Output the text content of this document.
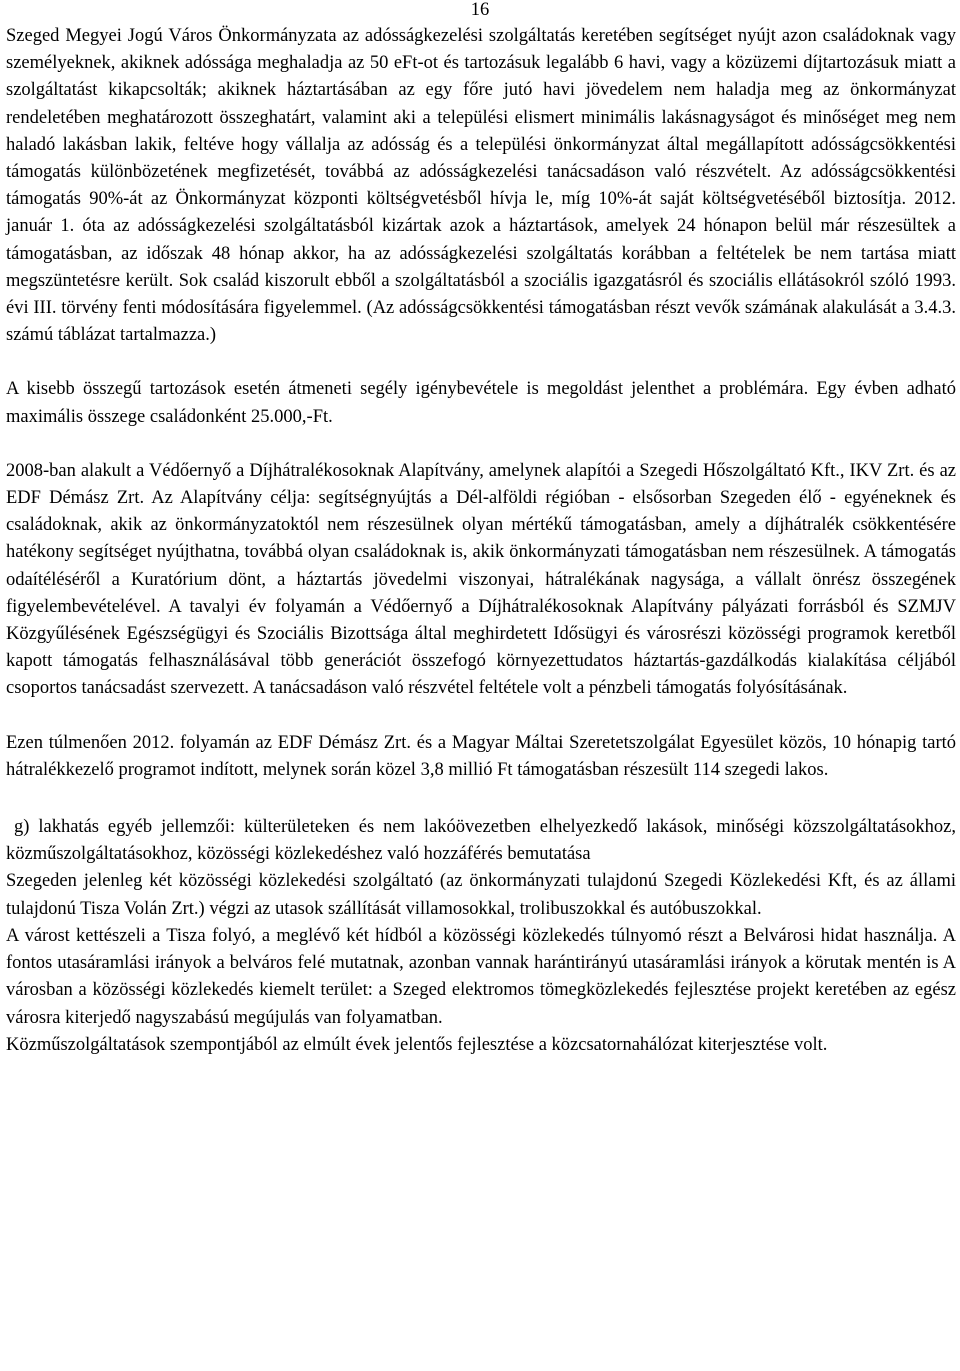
16

Szeged Megyei Jogú Város Önkormányzata az adósságkezelési szolgáltatás keretében segítséget nyújt azon családoknak vagy személyeknek, akiknek adóssága meghaladja az 50 eFt-ot és tartozásuk legalább 6 havi, vagy a közüzemi díjtartozásuk miatt a szolgáltatást kikapcsolták; akiknek háztartásában az egy főre jutó havi jövedelem nem haladja meg az önkormányzat rendeletében meghatározott összeghatárt, valamint aki a települési elismert minimális lakásnagyságot és minőséget meg nem haladó lakásban lakik, feltéve hogy vállalja az adósság és a települési önkormányzat által megállapított adósságcsökkentési támogatás különbözetének megfizetését, továbbá az adósságkezelési tanácsadáson való részvételt. Az adósságcsökkentési támogatás 90%-át az Önkormányzat központi költségvetésből hívja le, míg 10%-át saját költségvetéséből biztosítja. 2012. január 1. óta az adósságkezelési szolgáltatásból kizártak azok a háztartások, amelyek 24 hónapon belül már részesültek a támogatásban, az időszak 48 hónap akkor, ha az adósságkezelési szolgáltatás korábban a feltételek be nem tartása miatt megszüntetésre került. Sok család kiszorult ebből a szolgáltatásból a szociális igazgatásról és szociális ellátásokról szóló 1993. évi III. törvény fenti módosítására figyelemmel. (Az adósságcsökkentési támogatásban részt vevők számának alakulását a 3.4.3. számú táblázat tartalmazza.)

A kisebb összegű tartozások esetén átmeneti segély igénybevétele is megoldást jelenthet a problémára. Egy évben adható maximális összege családonként 25.000,-Ft.

2008-ban alakult a Védőernyő a Díjhátralékosoknak Alapítvány, amelynek alapítói a Szegedi Hőszolgáltató Kft., IKV Zrt. és az EDF Démász Zrt. Az Alapítvány célja: segítségnyújtás a Dél-alföldi régióban - elsősorban Szegeden élő - egyéneknek és családoknak, akik az önkormányzatoktól nem részesülnek olyan mértékű támogatásban, amely a díjhátralék csökkentésére hatékony segítséget nyújthatna, továbbá olyan családoknak is, akik önkormányzati támogatásban nem részesülnek. A támogatás odaítéléséről a Kuratórium dönt, a háztartás jövedelmi viszonyai, hátralékának nagysága, a vállalt önrész összegének figyelembevételével. A tavalyi év folyamán a Védőernyő a Díjhátralékosoknak Alapítvány pályázati forrásból és SZMJV Közgyűlésének Egészségügyi és Szociális Bizottsága által meghirdetett Idősügyi és városrészi közösségi programok keretből kapott támogatás felhasználásával több generációt összefogó környezettudatos háztartás-gazdálkodás kialakítása céljából csoportos tanácsadást szervezett. A tanácsadáson való részvétel feltétele volt a pénzbeli támogatás folyósításának.

Ezen túlmenően 2012. folyamán az EDF Démász Zrt. és a Magyar Máltai Szeretetszolgálat Egyesület közös, 10 hónapig tartó hátralékkezelő programot indított, melynek során közel 3,8 millió Ft támogatásban részesült 114 szegedi lakos.

g) lakhatás egyéb jellemzői: külterületeken és nem lakóövezetben elhelyezkedő lakások, minőségi közszolgáltatásokhoz, közműszolgáltatásokhoz, közösségi közlekedéshez való hozzáférés bemutatása

Szegeden jelenleg két közösségi közlekedési szolgáltató (az önkormányzati tulajdonú Szegedi Közlekedési Kft, és az állami tulajdonú Tisza Volán Zrt.) végzi az utasok szállítását villamosokkal, trolibuszokkal és autóbuszokkal.

A várost kettészeli a Tisza folyó, a meglévő két hídból a közösségi közlekedés túlnyomó részt a Belvárosi hidat használja. A fontos utasáramlási irányok a belváros felé mutatnak, azonban vannak harántirányú utasáramlási irányok a körutak mentén is A városban a közösségi közlekedés kiemelt terület: a Szeged elektromos tömegközlekedés fejlesztése projekt keretében az egész városra kiterjedő nagyszabású megújulás van folyamatban.

Közműszolgáltatások szempontjából az elmúlt évek jelentős fejlesztése a közcsatornahálózat kiterjesztése volt.
